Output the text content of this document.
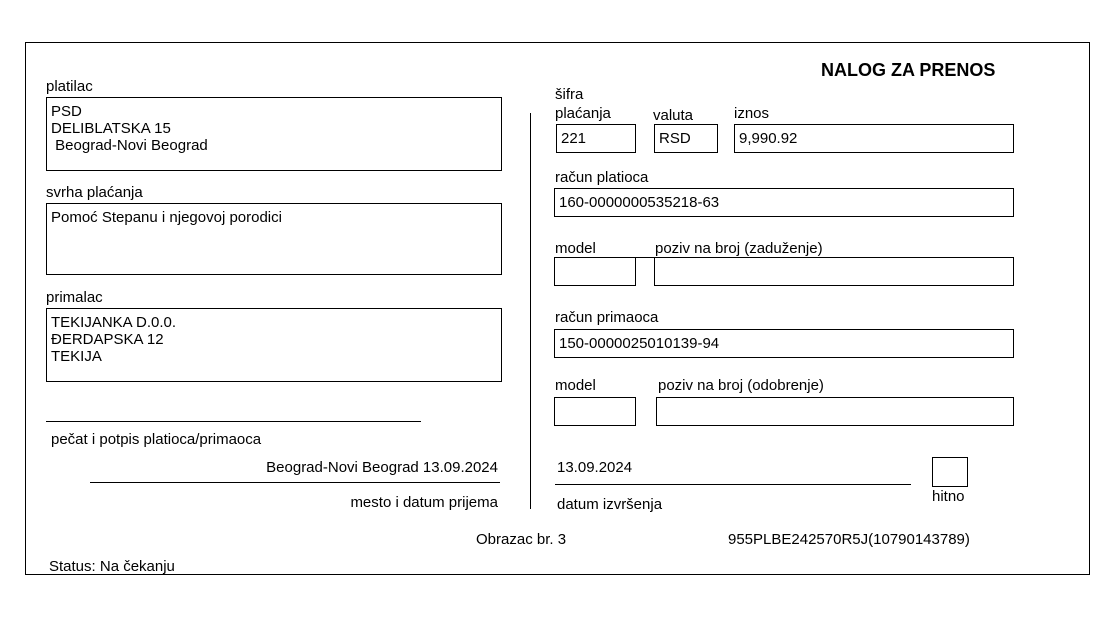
NALOG ZA PRENOS
platilac
PSD
DELIBLATSKA 15
Beograd-Novi Beograd
svrha plaćanja
Pomoć Stepanu i njegovoj porodici
primalac
TEKIJANKA D.0.0.
ĐERDAPSKA 12
TEKIJA
pečat i potpis platioca/primaoca
Beograd-Novi Beograd 13.09.2024
mesto i datum prijema
šifra
plaćanja	valuta	iznos
221	RSD	9,990.92
račun platioca
160-0000000535218-63
model	poziv na broj (zaduženje)
račun primaoca
150-0000025010139-94
model	poziv na broj (odobrenje)
13.09.2024
datum izvršenja	hitno
Obrazac br. 3	955PLBE242570R5J(10790143789)
Status: Na čekanju
